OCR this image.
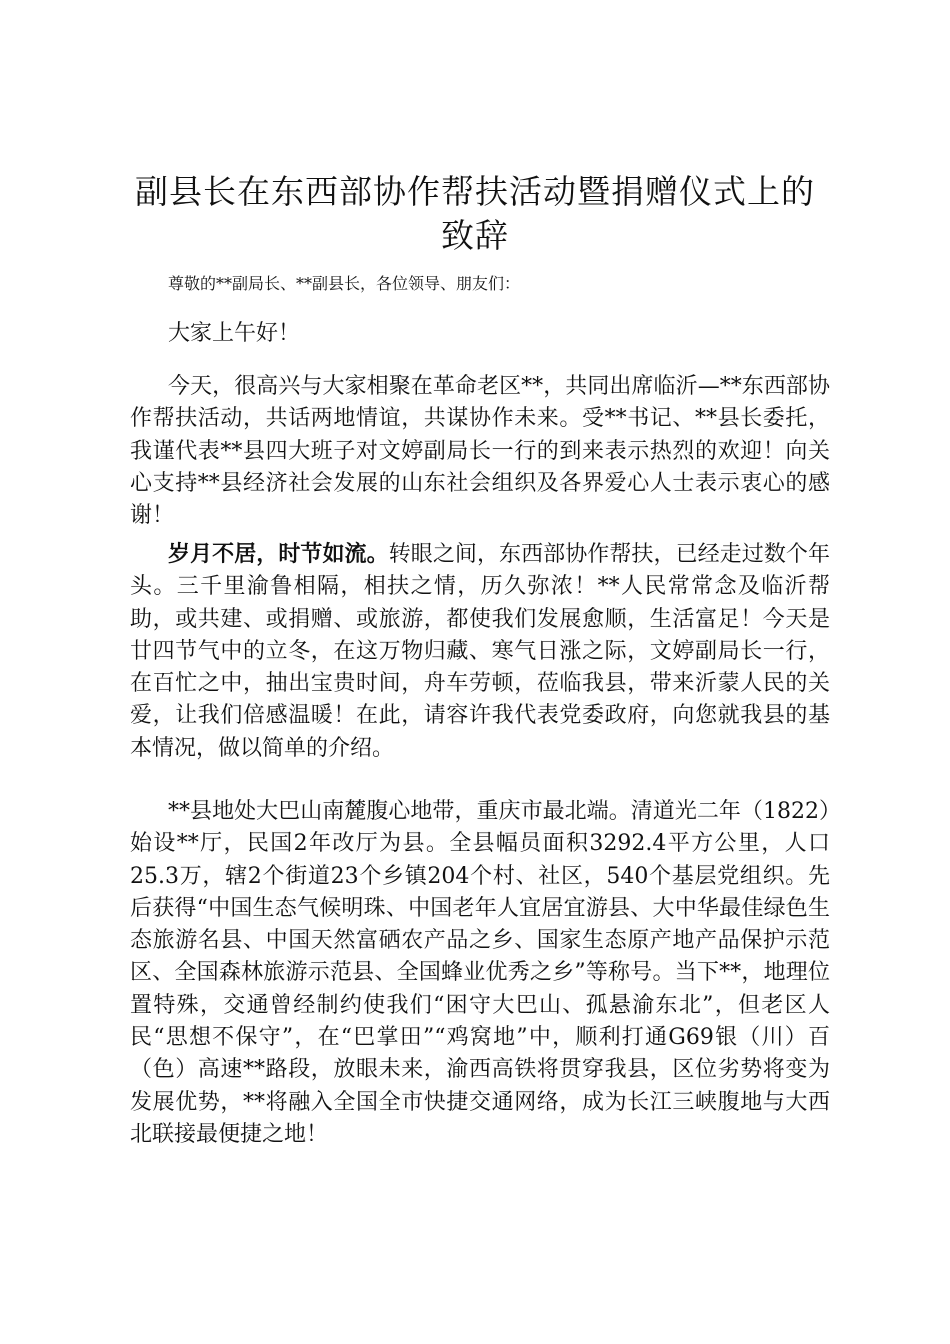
副县长在东西部协作帮扶活动暨捐赠仪式上的致辞

尊敬的**副局长、**副县长，各位领导、朋友们：

大家上午好！

今天，很高兴与大家相聚在革命老区**，共同出席临沂—**东西部协作帮扶活动，共话两地情谊，共谋协作未来。受**书记、**县长委托，我谨代表**县四大班子对文婷副局长一行的到来表示热烈的欢迎！向关心支持**县经济社会发展的山东社会组织及各界爱心人士表示衷心的感谢！

岁月不居，时节如流。转眼之间，东西部协作帮扶，已经走过数个年头。三千里渝鲁相隔，相扶之情，历久弥浓！**人民常常念及临沂帮助，或共建、或捐赠、或旅游，都使我们发展愈顺，生活富足！今天是廿四节气中的立冬，在这万物归藏、寒气日涨之际，文婷副局长一行，在百忙之中，抽出宝贵时间，舟车劳顿，莅临我县，带来沂蒙人民的关爱，让我们倍感温暖！在此，请容许我代表党委政府，向您就我县的基本情况，做以简单的介绍。

**县地处大巴山南麓腹心地带，重庆市最北端。清道光二年（1822）始设**厅，民国2年改厅为县。全县幅员面积3292.4平方公里，人口25.3万，辖2个街道23个乡镇204个村、社区，540个基层党组织。先后获得“中国生态气候明珠、中国老年人宜居宜游县、大中华最佳绿色生态旅游名县、中国天然富硒农产品之乡、国家生态原产地产品保护示范区、全国森林旅游示范县、全国蜂业优秀之乡”等称号。当下**，地理位置特殊，交通曾经制约使我们“困守大巴山、孤悬渝东北”，但老区人民“思想不保守”，在“巴掌田”“鸡窝地”中，顺利打通G69银（川）百（色）高速**路段，放眼未来，渝西高铁将贯穿我县，区位劣势将变为发展优势，**将融入全国全市快捷交通网络，成为长江三峡腹地与大西北联接最便捷之地！
